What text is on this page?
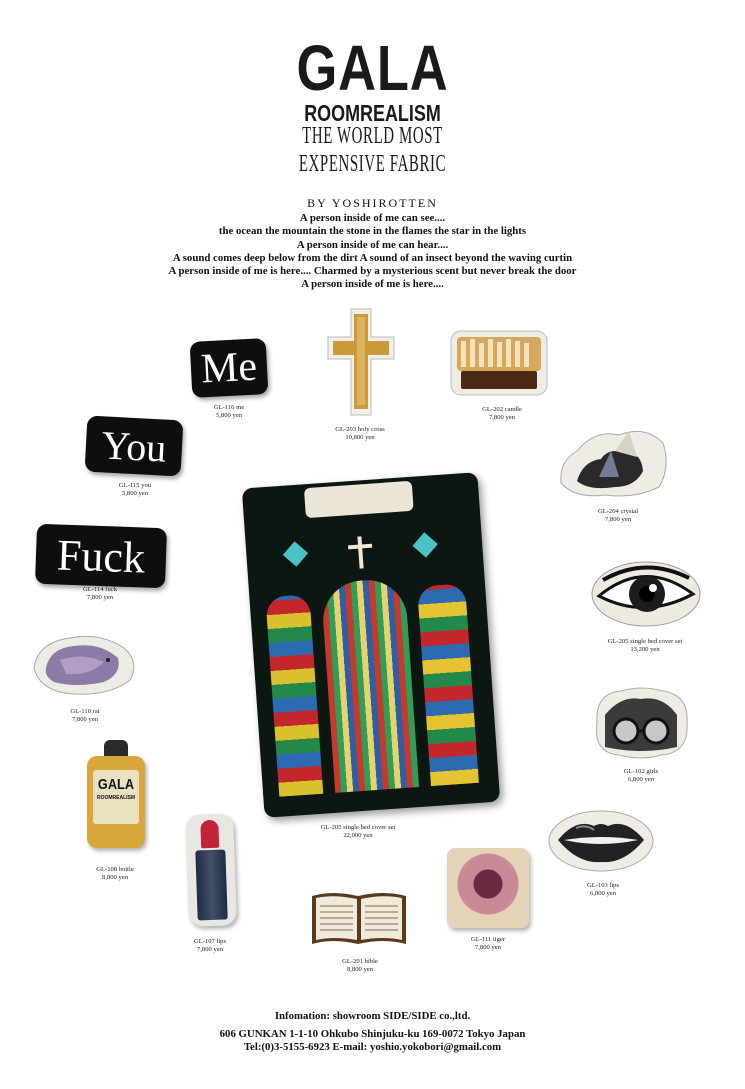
GALA
ROOMREALISM
THE WORLD MOST
EXPENSIVE FABRIC
BY YOSHIROTTEN
A person inside of me can see....
the ocean the mountain the stone in the flames the star in the lights
A person inside of me can hear....
A sound comes deep below from the dirt A sound of an insect beyond the waving curtin
A person inside of me is here.... Charmed by a mysterious scent but never break the door
A person inside of me is here....
Me
GL-116 me
5,800 yen
GL-203 holy cross
10,800 yen
GL-202 candle
7,800 yen
You
GL-115 you
5,800 yen
GL-204 crystal
7,800 yen
Fuck
GL-114 fuck
7,800 yen
GL-205 single bed cover set
13,200 yen
GL-110 rat
7,800 yen
GL-102 girls
6,800 yen
GL-205 single bed cover set
22,000 yen
GALA
ROOMREALISM
GL-108 bottle
8,800 yen
GL-103 lips
6,800 yen
GL-107 lips
7,800 yen
GL-111 tiger
7,800 yen
GL-201 bible
8,800 yen
Infomation: showroom SIDE/SIDE co.,ltd.
606 GUNKAN 1-1-10 Ohkubo Shinjuku-ku 169-0072 Tokyo Japan
Tel:(0)3-5155-6923 E-mail: yoshio.yokobori@gmail.com
